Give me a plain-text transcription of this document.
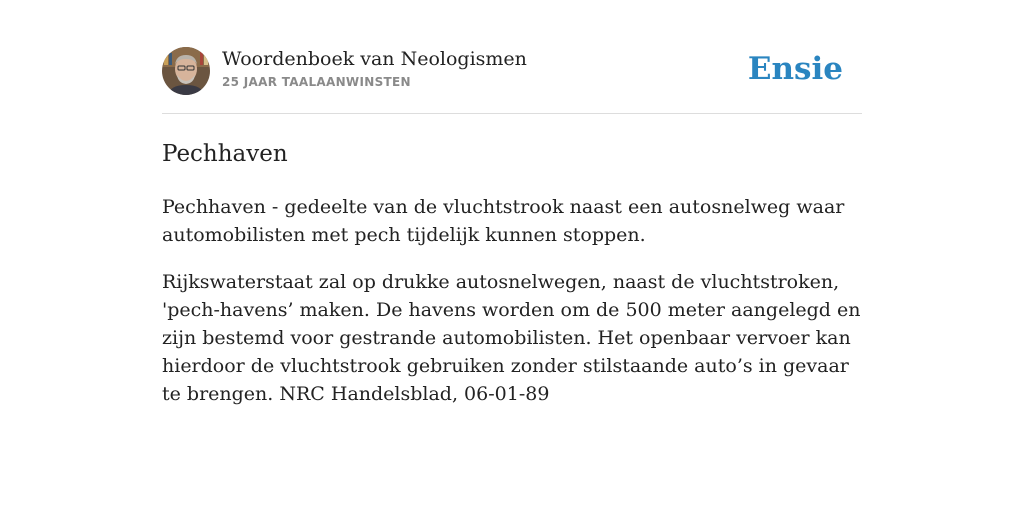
Woordenboek van Neologismen
25 JAAR TAALAANWINSTEN	Ensie
Pechhaven

Pechhaven - gedeelte van de vluchtstrook naast een autosnelweg waar automobilisten met pech tijdelijk kunnen stoppen.

Rijkswaterstaat zal op drukke autosnelwegen, naast de vluchtstroken, 'pech-havens’ maken. De havens worden om de 500 meter aangelegd en zijn bestemd voor gestrande automobilisten. Het openbaar vervoer kan hierdoor de vluchtstrook gebruiken zonder stilstaande auto’s in gevaar te brengen. NRC Handelsblad, 06-01-89
